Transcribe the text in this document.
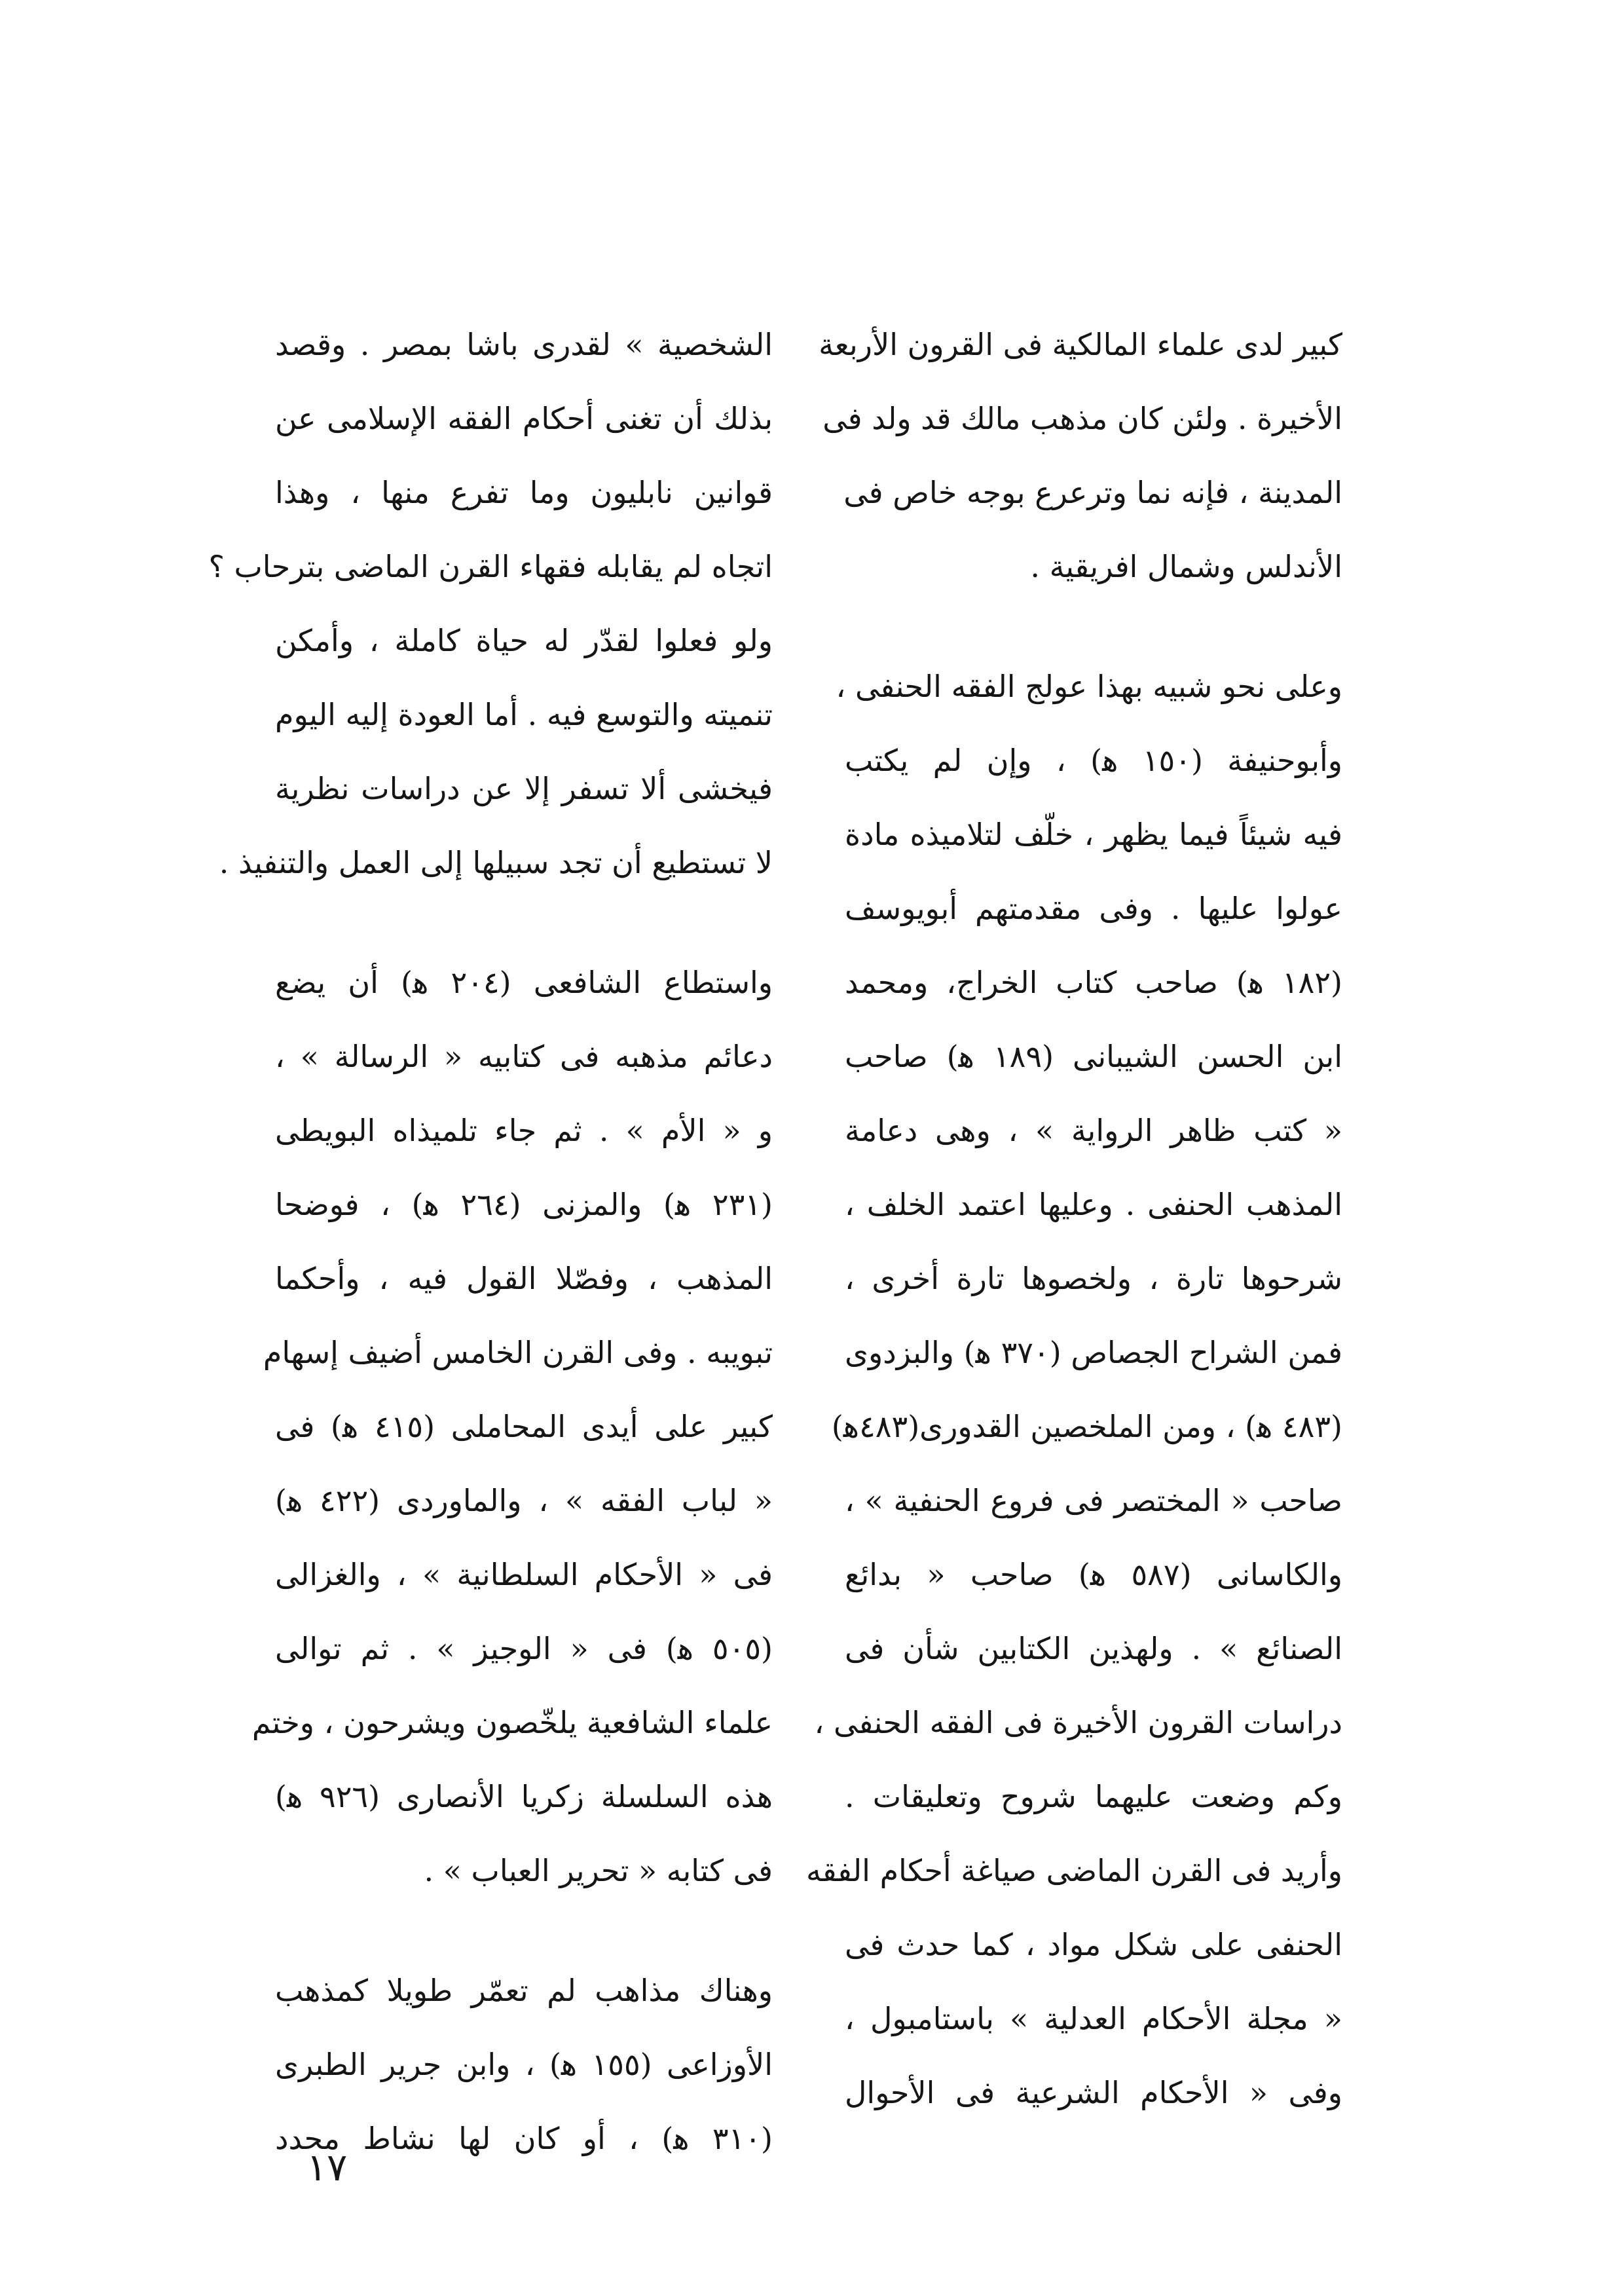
كبير لدى علماء المالكية فى القرون الأربعة
الأخيرة . ولئن كان مذهب مالك قد ولد فى
المدينة ، فإنه نما وترعرع بوجه خاص فى
الأندلس وشمال افريقية .
وعلى نحو شبيه بهذا عولج الفقه الحنفى ،
وأبوحنيفة (١٥٠ ﻫ) ، وإن لم يكتب
فيه شيئاً فيما يظهر ، خلّف لتلاميذه مادة
عولوا عليها . وفى مقدمتهم أبويوسف
(١٨٢ ﻫ) صاحب كتاب الخراج، ومحمد
ابن الحسن الشيبانى (١٨٩ ﻫ) صاحب
« كتب ظاهر الرواية » ، وهى دعامة
المذهب الحنفى . وعليها اعتمد الخلف ،
شرحوها تارة ، ولخصوها تارة أخرى ،
فمن الشراح الجصاص (٣٧٠ ﻫ) والبزدوى
(٤٨٣ ﻫ) ، ومن الملخصين القدورى(٤٨٣ﻫ)
صاحب « المختصر فى فروع الحنفية » ،
والكاسانى (٥٨٧ ﻫ) صاحب « بدائع
الصنائع » . ولهذين الكتابين شأن فى
دراسات القرون الأخيرة فى الفقه الحنفى ،
وكم وضعت عليهما شروح وتعليقات .
وأريد فى القرن الماضى صياغة أحكام الفقه
الحنفى على شكل مواد ، كما حدث فى
« مجلة الأحكام العدلية » باستامبول ،
وفى « الأحكام الشرعية فى الأحوال
الشخصية » لقدرى باشا بمصر . وقصد
بذلك أن تغنى أحكام الفقه الإسلامى عن
قوانين نابليون وما تفرع منها ، وهذا
اتجاه لم يقابله فقهاء القرن الماضى بترحاب ؟
ولو فعلوا لقدّر له حياة كاملة ، وأمكن
تنميته والتوسع فيه . أما العودة إليه اليوم
فيخشى ألا تسفر إلا عن دراسات نظرية
لا تستطيع أن تجد سبيلها إلى العمل والتنفيذ .
واستطاع الشافعى (٢٠٤ ﻫ) أن يضع
دعائم مذهبه فى كتابيه « الرسالة » ،
و « الأم » . ثم جاء تلميذاه البويطى
(٢٣١ ﻫ) والمزنى (٢٦٤ ﻫ) ، فوضحا
المذهب ، وفصّلا القول فيه ، وأحكما
تبويبه . وفى القرن الخامس أضيف إسهام
كبير على أيدى المحاملى (٤١٥ ﻫ) فى
« لباب الفقه » ، والماوردى (٤٢٢ ﻫ)
فى « الأحكام السلطانية » ، والغزالى
(٥٠٥ ﻫ) فى « الوجيز » . ثم توالى
علماء الشافعية يلخّصون ويشرحون ، وختم
هذه السلسلة زكريا الأنصارى (٩٢٦ ﻫ)
فى كتابه « تحرير العباب » .
وهناك مذاهب لم تعمّر طويلا كمذهب
الأوزاعى (١٥٥ ﻫ) ، وابن جرير الطبرى
(٣١٠ ﻫ) ، أو كان لها نشاط محدد
١٧
